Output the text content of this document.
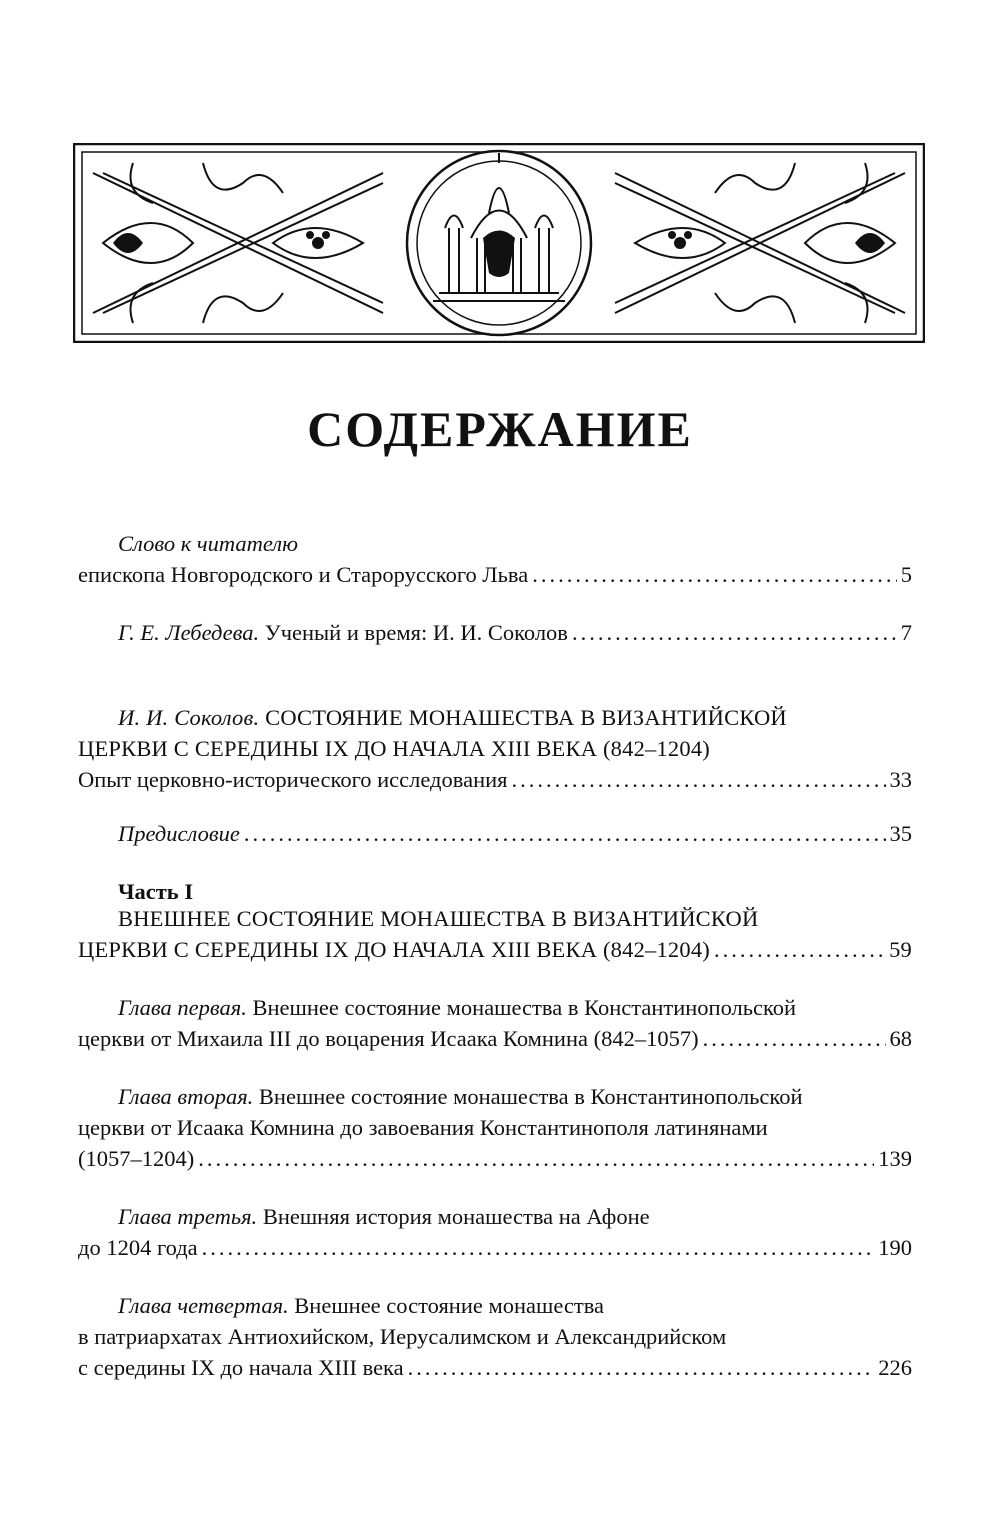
СОДЕРЖАНИЕ
Слово к читателю
епископа Новгородского и Старорусского Льва .....	5
Г. Е. Лебедева. Ученый и время: И. И. Соколов .....	7
И. И. Соколов. СОСТОЯНИЕ МОНАШЕСТВА В ВИЗАНТИЙСКОЙ
ЦЕРКВИ С СЕРЕДИНЫ IX ДО НАЧАЛА XIII ВЕКА (842–1204)
Опыт церковно-исторического исследования .....	33
Предисловие .....	35
Часть I
ВНЕШНЕЕ СОСТОЯНИЕ МОНАШЕСТВА В ВИЗАНТИЙСКОЙ
ЦЕРКВИ С СЕРЕДИНЫ IX ДО НАЧАЛА XIII ВЕКА (842–1204) .....	59
Глава первая. Внешнее состояние монашества в Константинопольской
церкви от Михаила III до воцарения Исаака Комнина (842–1057) .....	68
Глава вторая. Внешнее состояние монашества в Константинопольской
церкви от Исаака Комнина до завоевания Константинополя латинянами
(1057–1204) .....	139
Глава третья. Внешняя история монашества на Афоне
до 1204 года .....	190
Глава четвертая. Внешнее состояние монашества
в патриархатах Антиохийском, Иерусалимском и Александрийском
с середины IX до начала XIII века .....	226
